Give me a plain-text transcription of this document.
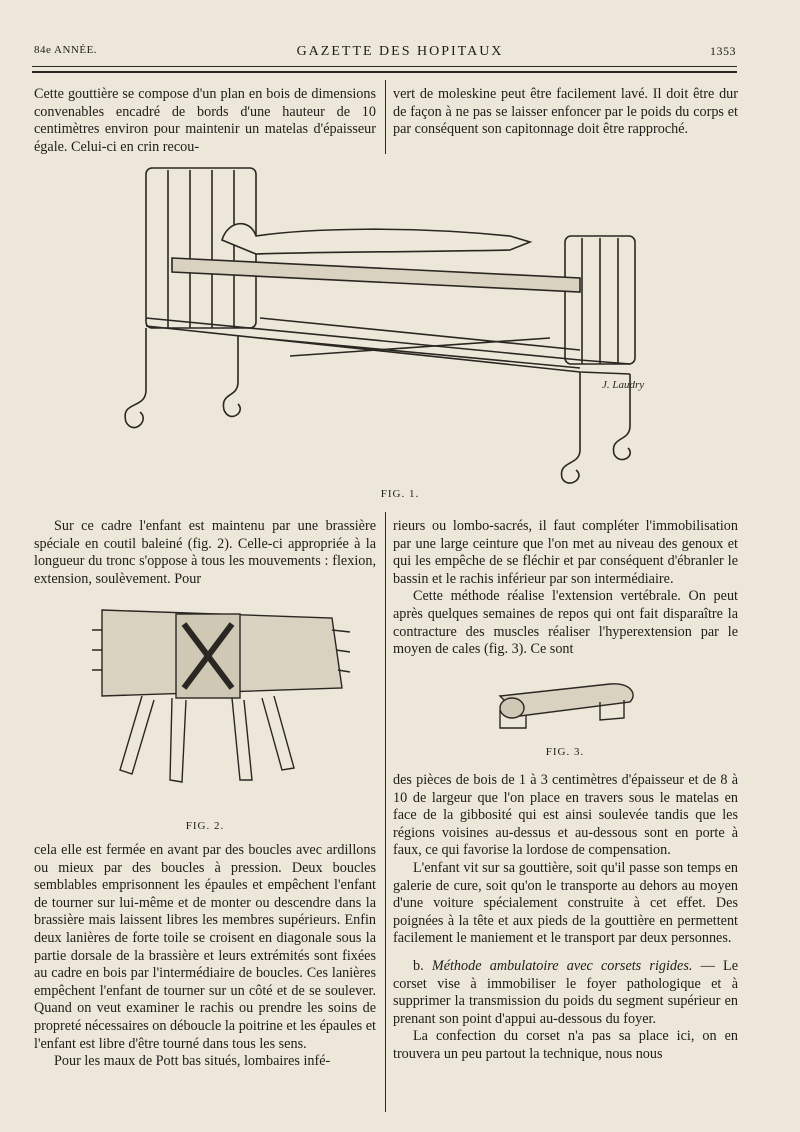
84e ANNÉE.	GAZETTE DES HOPITAUX	1353

Cette gouttière se compose d'un plan en bois de dimensions convenables encadré de bords d'une hauteur de 10 centimètres environ pour maintenir un matelas d'épaisseur égale. Celui-ci en crin recou-

vert de moleskine peut être facilement lavé. Il doit être dur de façon à ne pas se laisser enfoncer par le poids du corps et par conséquent son capitonnage doit être rapproché.

J. Laudry
FIG. 1.

Sur ce cadre l'enfant est maintenu par une brassière spéciale en coutil baleiné (fig. 2). Celle-ci appropriée à la longueur du tronc s'oppose à tous les mouvements : flexion, extension, soulèvement. Pour

FIG. 2.

cela elle est fermée en avant par des boucles avec ardillons ou mieux par des boucles à pression. Deux boucles semblables emprisonnent les épaules et empêchent l'enfant de tourner sur lui-même et de monter ou descendre dans la brassière mais laissent libres les membres supérieurs. Enfin deux lanières de forte toile se croisent en diagonale sous la partie dorsale de la brassière et leurs extrémités sont fixées au cadre en bois par l'intermédiaire de boucles. Ces lanières empêchent l'enfant de tourner sur un côté et de se soulever. Quand on veut examiner le rachis ou prendre les soins de propreté nécessaires on déboucle la poitrine et les épaules et l'enfant est libre d'être tourné dans tous les sens.

Pour les maux de Pott bas situés, lombaires infé-

rieurs ou lombo-sacrés, il faut compléter l'immobilisation par une large ceinture que l'on met au niveau des genoux et qui les empêche de se fléchir et par conséquent d'ébranler le bassin et le rachis inférieur par son intermédiaire.

Cette méthode réalise l'extension vertébrale. On peut après quelques semaines de repos qui ont fait disparaître la contracture des muscles réaliser l'hyperextension par le moyen de cales (fig. 3). Ce sont

FIG. 3.

des pièces de bois de 1 à 3 centimètres d'épaisseur et de 8 à 10 de largeur que l'on place en travers sous le matelas en face de la gibbosité qui est ainsi soulevée tandis que les régions voisines au-dessus et au-dessous sont en porte à faux, ce qui favorise la lordose de compensation.

L'enfant vit sur sa gouttière, soit qu'il passe son temps en galerie de cure, soit qu'on le transporte au dehors au moyen d'une voiture spécialement construite à cet effet. Des poignées à la tête et aux pieds de la gouttière en permettent facilement le maniement et le transport par deux personnes.

b. Méthode ambulatoire avec corsets rigides. — Le corset vise à immobiliser le foyer pathologique et à supprimer la transmission du poids du segment supérieur en prenant son point d'appui au-dessous du foyer.

La confection du corset n'a pas sa place ici, on en trouvera un peu partout la technique, nous nous
